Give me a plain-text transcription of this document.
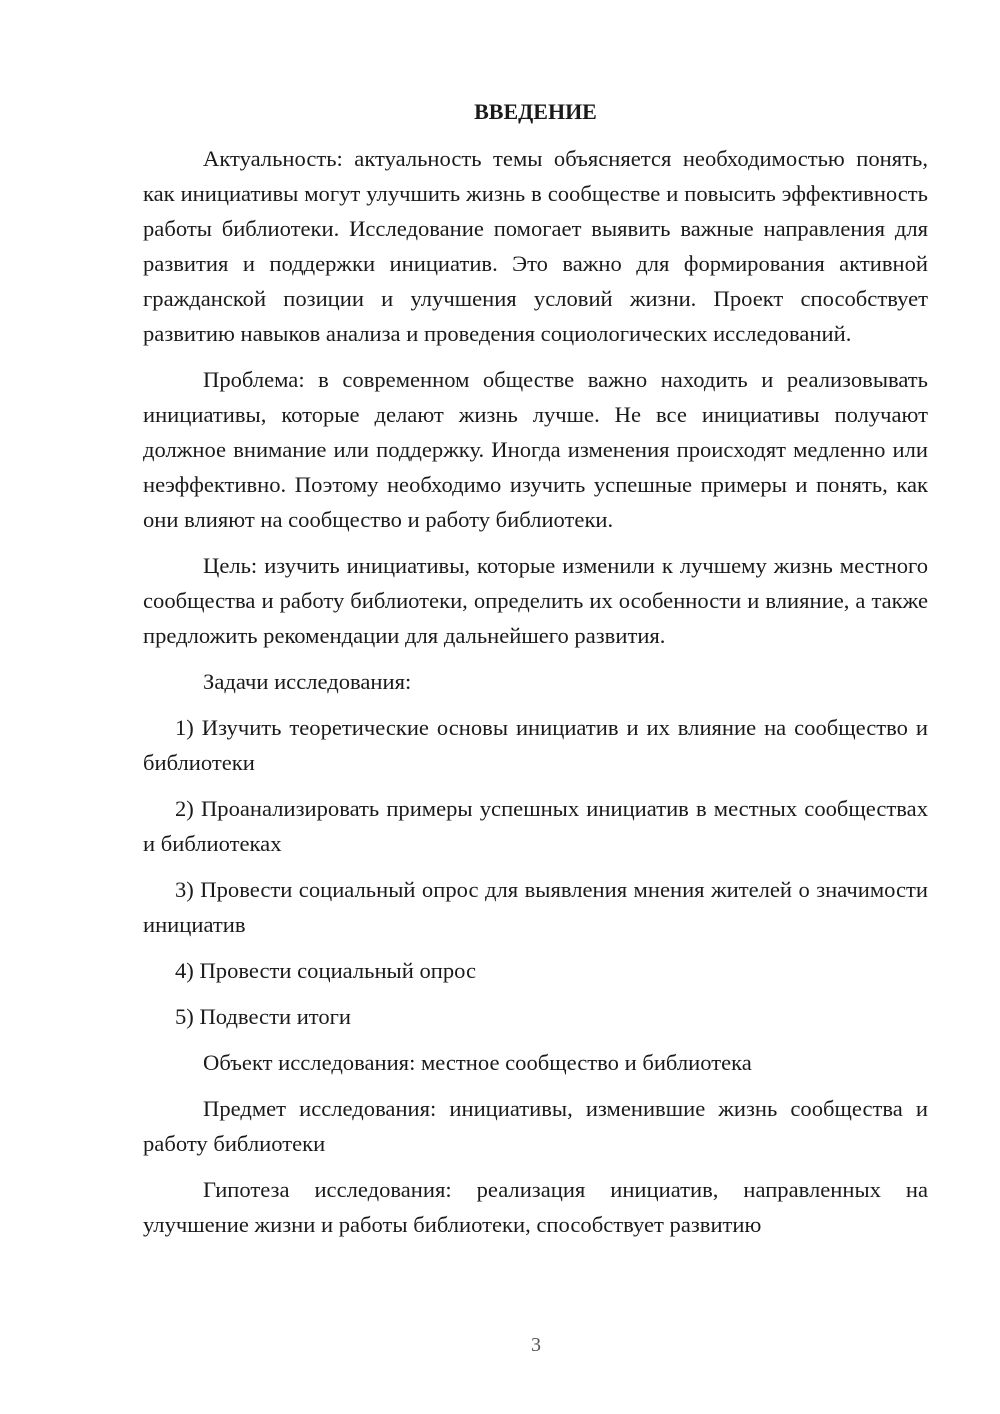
ВВЕДЕНИЕ

Актуальность: актуальность темы объясняется необходимостью понять, как инициативы могут улучшить жизнь в сообществе и повысить эффективность работы библиотеки. Исследование помогает выявить важные направления для развития и поддержки инициатив. Это важно для формирования активной гражданской позиции и улучшения условий жизни. Проект способствует развитию навыков анализа и проведения социологических исследований.

Проблема: в современном обществе важно находить и реализовывать инициативы, которые делают жизнь лучше. Не все инициативы получают должное внимание или поддержку. Иногда изменения происходят медленно или неэффективно. Поэтому необходимо изучить успешные примеры и понять, как они влияют на сообщество и работу библиотеки.

Цель: изучить инициативы, которые изменили к лучшему жизнь местного сообщества и работу библиотеки, определить их особенности и влияние, а также предложить рекомендации для дальнейшего развития.

Задачи исследования:

1) Изучить теоретические основы инициатив и их влияние на сообщество и библиотеки

2) Проанализировать примеры успешных инициатив в местных сообществах и библиотеках

3) Провести социальный опрос для выявления мнения жителей о значимости инициатив

4) Провести социальный опрос

5) Подвести итоги

Объект исследования: местное сообщество и библиотека

Предмет исследования: инициативы, изменившие жизнь сообщества и работу библиотеки

Гипотеза исследования: реализация инициатив, направленных на улучшение жизни и работы библиотеки, способствует развитию

3
